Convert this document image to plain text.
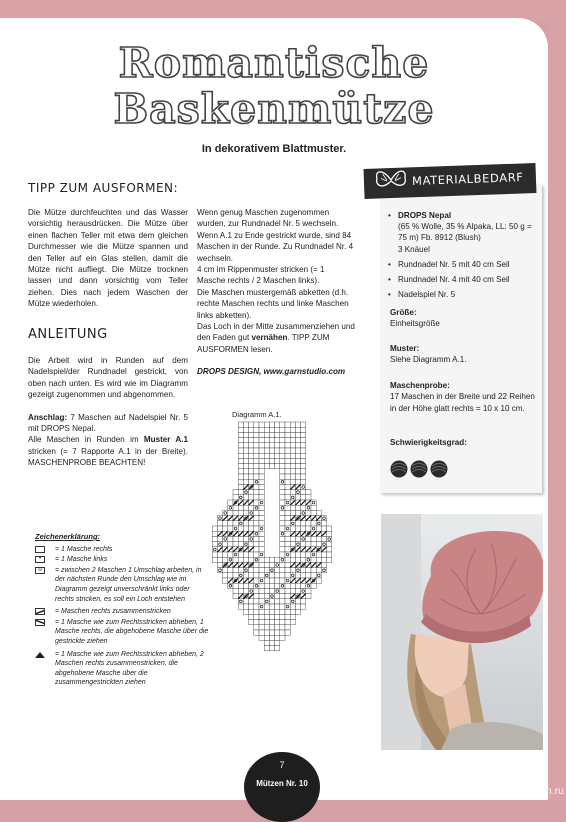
Romantische
Baskenmütze
In dekorativem Blattmuster.
TIPP ZUM AUSFORMEN:
Die Mütze durchfeuchten und das Wasser vorsichtig herausdrücken. Die Mütze über einen flachen Teller mit etwa dem gleichen Durchmesser wie die Mütze spannen und den Teller auf ein Glas stellen, damit die Mütze nicht aufliegt. Die Mütze trocknen lassen und dann vorsichtig vom Teller ziehen. Dies nach jedem Waschen der Mütze wiederholen.
ANLEITUNG

Die Arbeit wird in Runden auf dem Nadelspiel/der Rundnadel gestrickt, von oben nach unten. Es wird wie im Diagramm gezeigt zugenommen und abgenommen.

Anschlag: 7 Maschen auf Nadelspiel Nr. 5 mit DROPS Nepal.

Alle Maschen in Runden im Muster A.1 stricken (= 7 Rapporte A.1 in der Breite). MASCHENPROBE BEACHTEN!

Wenn genug Maschen zugenommen wurden, zur Rundnadel Nr. 5 wechseln.

Wenn A.1 zu Ende gestrickt wurde, sind 84 Maschen in der Runde. Zu Rundnadel Nr. 4 wechseln.

4 cm im Rippenmuster stricken (= 1 Masche rechts / 2 Maschen links).

Die Maschen mustergemäß abketten (d.h. rechte Maschen rechts und linke Maschen links abketten).

Das Loch in der Mitte zusammenziehen und den Faden gut vernähen. TIPP ZUM AUSFORMEN lesen.

DROPS DESIGN, www.garnstudio.com
Diagramm A.1.
Zeichenerklärung:
= 1 Masche rechts
•	= 1 Masche links
o	= zwischen 2 Maschen 1 Umschlag arbeiten, in der nächsten Runde den Umschlag wie im Diagramm gezeigt unverschränkt links oder rechts stricken, es soll ein Loch entstehen
= Maschen rechts zusammenstricken
= 1 Masche wie zum Rechtsstricken abheben, 1 Masche rechts, die abgehobene Masche über die gestrickte ziehen
= 1 Masche wie zum Rechtsstricken abheben, 2 Maschen rechts zusammenstricken, die abgehobene Masche über die zusammengestrickten ziehen
MATERIALBEDARF
• DROPS Nepal
(65 % Wolle, 35 % Alpaka, LL: 50 g = 75 m) Fb. 8912 (Blush)
3 Knäuel
• Rundnadel Nr. 5 mit 40 cm Seil
• Rundnadel Nr. 4 mit 40 cm Seil
• Nadelspiel Nr. 5
Größe:
Einheitsgröße
Muster:
Siehe Diagramm A.1.
Maschenprobe:
17 Maschen in der Breite und 22 Reihen in der Höhe glatt rechts = 10 x 10 cm.
Schwierigkeitsgrad:
7
Mützen Nr. 10
PassionForum.ru
